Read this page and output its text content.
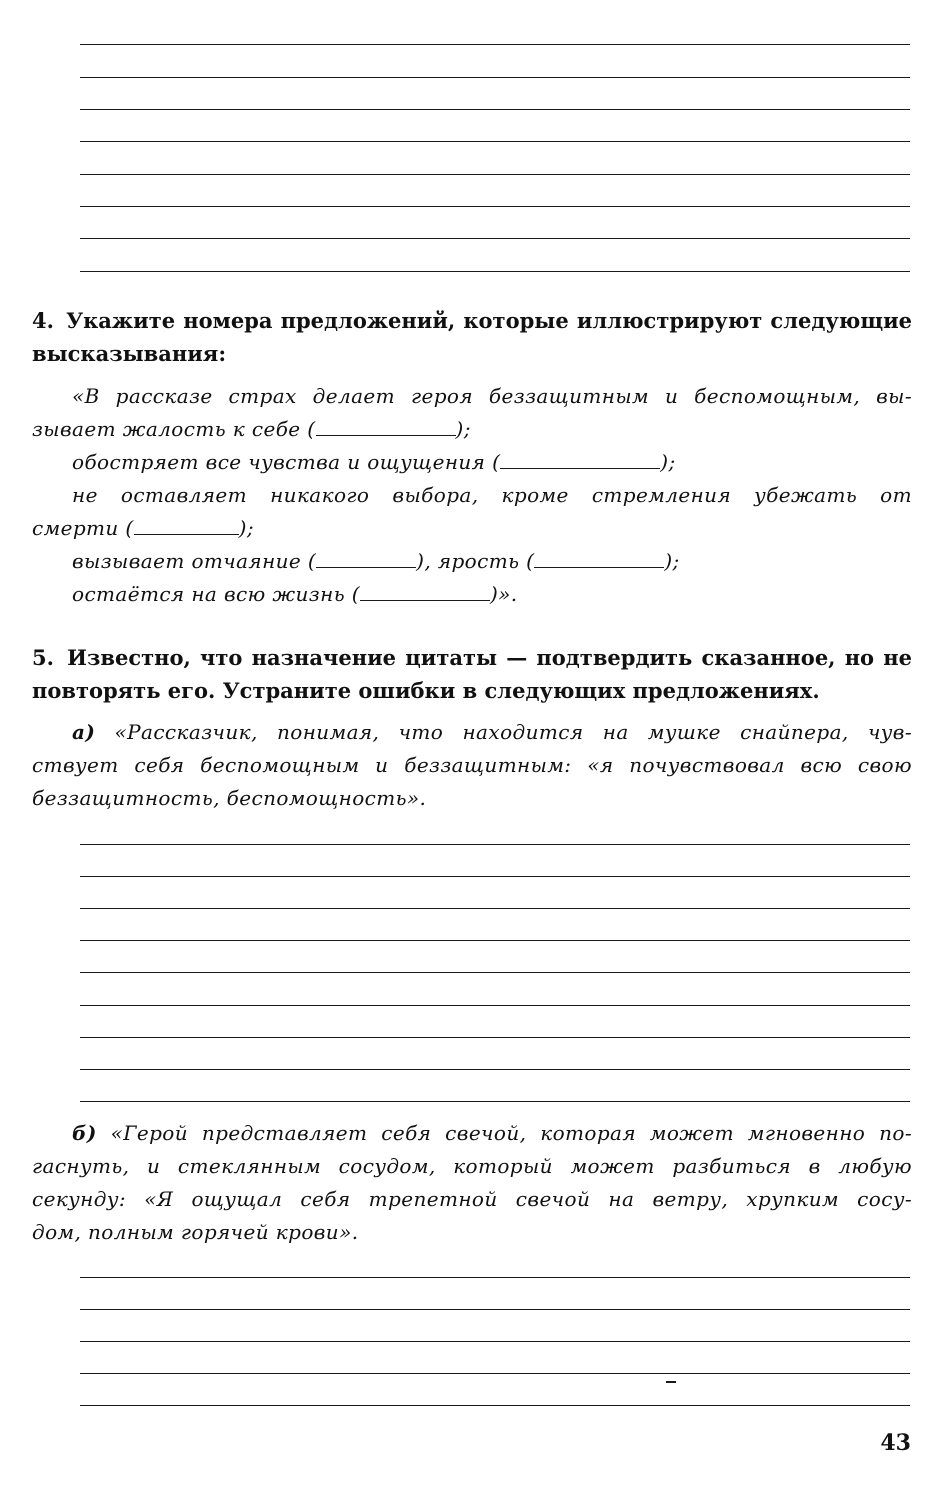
4. Укажите номера предложений, которые иллюстрируют следующие высказывания:
«В рассказе страх делает героя беззащитным и беспомощным, вы-
зывает жалость к себе (	);
обостряет все чувства и ощущения (	);
не оставляет никакого выбора, кроме стремления убежать от
смерти (	);
вызывает отчаяние (	), ярость (	);
остаётся на всю жизнь (	)».
5. Известно, что назначение цитаты — подтвердить сказанное, но не повторять его. Устраните ошибки в следующих предложениях.
а) «Рассказчик, понимая, что находится на мушке снайпера, чув-
ствует себя беспомощным и беззащитным: «я почувствовал всю свою
беззащитность, беспомощность».
б) «Герой представляет себя свечой, которая может мгновенно по-
гаснуть, и стеклянным сосудом, который может разбиться в любую
секунду: «Я ощущал себя трепетной свечой на ветру, хрупким сосу-
дом, полным горячей крови».
43
